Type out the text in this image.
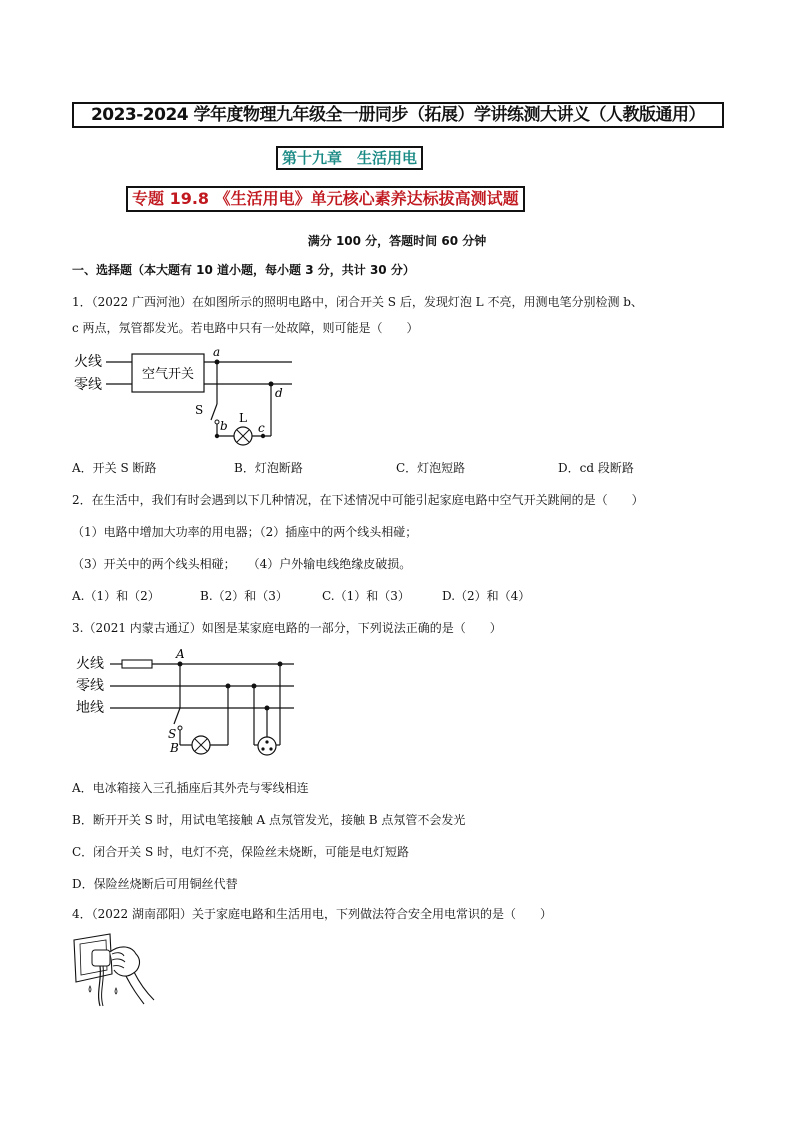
2023-2024 学年度物理九年级全一册同步（拓展）学讲练测大讲义（人教版通用）
第十九章　生活用电
专题 19.8 《生活用电》单元核心素养达标拔高测试题
满分 100 分，答题时间 60 分钟
一、选择题（本大题有 10 道小题，每小题 3 分，共计 30 分）
1．（2022 广西河池）在如图所示的照明电路中，闭合开关 S 后，发现灯泡 L 不亮，用测电笔分别检测 b、
c 两点，氖管都发光。若电路中只有一处故障，则可能是（　　）
火线
零线
空气开关
a
d
S
b
L
c
A．开关 S 断路	B．灯泡断路	C．灯泡短路	D．cd 段断路
2．在生活中，我们有时会遇到以下几种情况，在下述情况中可能引起家庭电路中空气开关跳闸的是（　　）
（1）电路中增加大功率的用电器；（2）插座中的两个线头相碰；
（3）开关中的两个线头相碰；　　（4）户外输电线绝缘皮破损。
A.（1）和（2）	B.（2）和（3）	C.（1）和（3）	D.（2）和（4）
3.（2021 内蒙古通辽）如图是某家庭电路的一部分，下列说法正确的是（　　）
火线
零线
地线
A
S
B
A．电冰箱接入三孔插座后其外壳与零线相连
B．断开开关 S 时，用试电笔接触 A 点氖管发光，接触 B 点氖管不会发光
C．闭合开关 S 时，电灯不亮，保险丝未烧断，可能是电灯短路
D．保险丝烧断后可用铜丝代替
4．（2022 湖南邵阳）关于家庭电路和生活用电，下列做法符合安全用电常识的是（　　）
